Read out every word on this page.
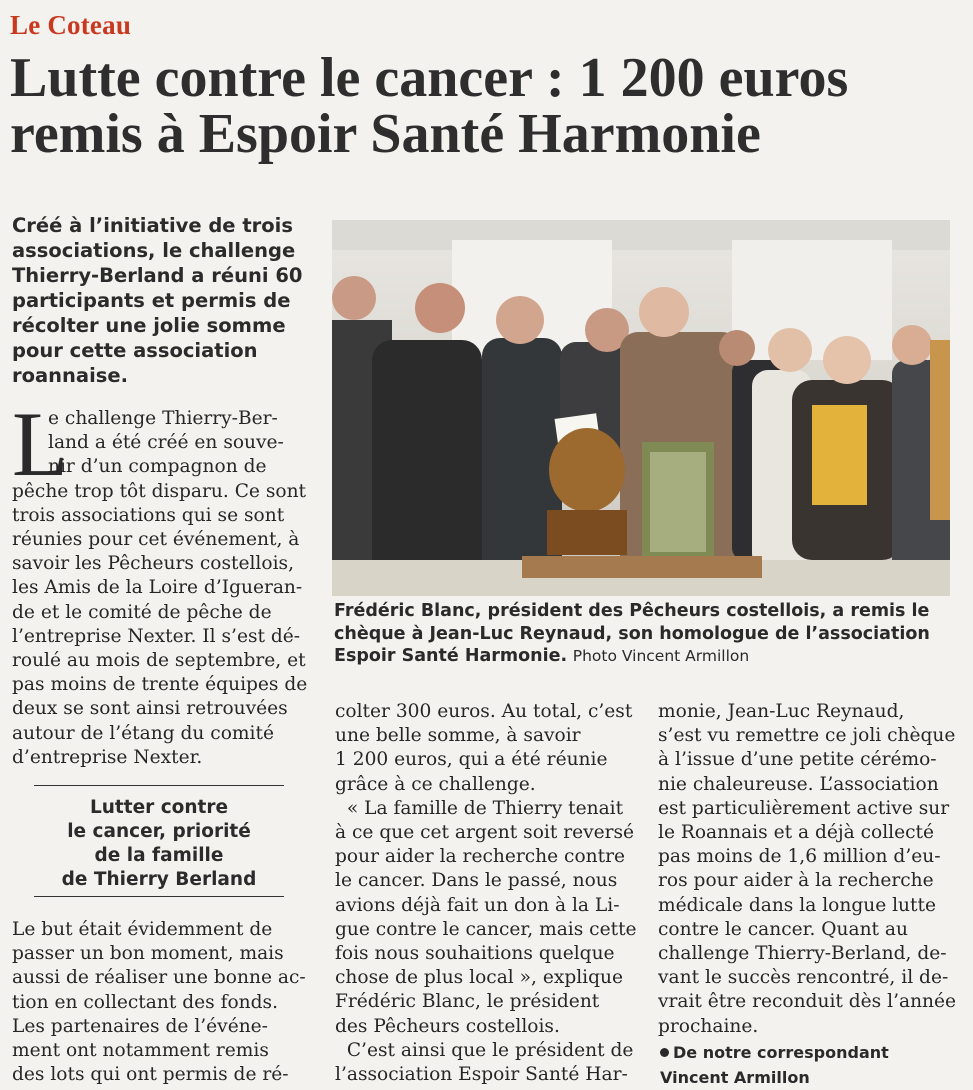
Le Coteau
Lutte contre le cancer : 1 200 euros
remis à Espoir Santé Harmonie
Créé à l’initiative de trois
associations, le challenge
Thierry-Berland a réuni 60
participants et permis de
récolter une jolie somme
pour cette association
roannaise.
L
e challenge Thierry-Ber-
land a été créé en souve-
nir d’un compagnon de
pêche trop tôt disparu. Ce sont
trois associations qui se sont
réunies pour cet événement, à
savoir les Pêcheurs costellois,
les Amis de la Loire d’Igueran-
de et le comité de pêche de
l’entreprise Nexter. Il s’est dé-
roulé au mois de septembre, et
pas moins de trente équipes de
deux se sont ainsi retrouvées
autour de l’étang du comité
d’entreprise Nexter.
Lutter contre
le cancer, priorité
de la famille
de Thierry Berland
Le but était évidemment de
passer un bon moment, mais
aussi de réaliser une bonne ac-
tion en collectant des fonds.
Les partenaires de l’événe-
ment ont notamment remis
des lots qui ont permis de ré-
Frédéric Blanc, président des Pêcheurs costellois, a remis le
chèque à Jean-Luc Reynaud, son homologue de l’association
Espoir Santé Harmonie. Photo Vincent Armillon
colter 300 euros. Au total, c’est
une belle somme, à savoir
1 200 euros, qui a été réunie
grâce à ce challenge.
« La famille de Thierry tenait
à ce que cet argent soit reversé
pour aider la recherche contre
le cancer. Dans le passé, nous
avions déjà fait un don à la Li-
gue contre le cancer, mais cette
fois nous souhaitions quelque
chose de plus local », explique
Frédéric Blanc, le président
des Pêcheurs costellois.
C’est ainsi que le président de
l’association Espoir Santé Har-
monie, Jean-Luc Reynaud,
s’est vu remettre ce joli chèque
à l’issue d’une petite cérémo-
nie chaleureuse. L’association
est particulièrement active sur
le Roannais et a déjà collecté
pas moins de 1,6 million d’eu-
ros pour aider à la recherche
médicale dans la longue lutte
contre le cancer. Quant au
challenge Thierry-Berland, de-
vant le succès rencontré, il de-
vrait être reconduit dès l’année
prochaine.
De notre correspondant
Vincent Armillon
